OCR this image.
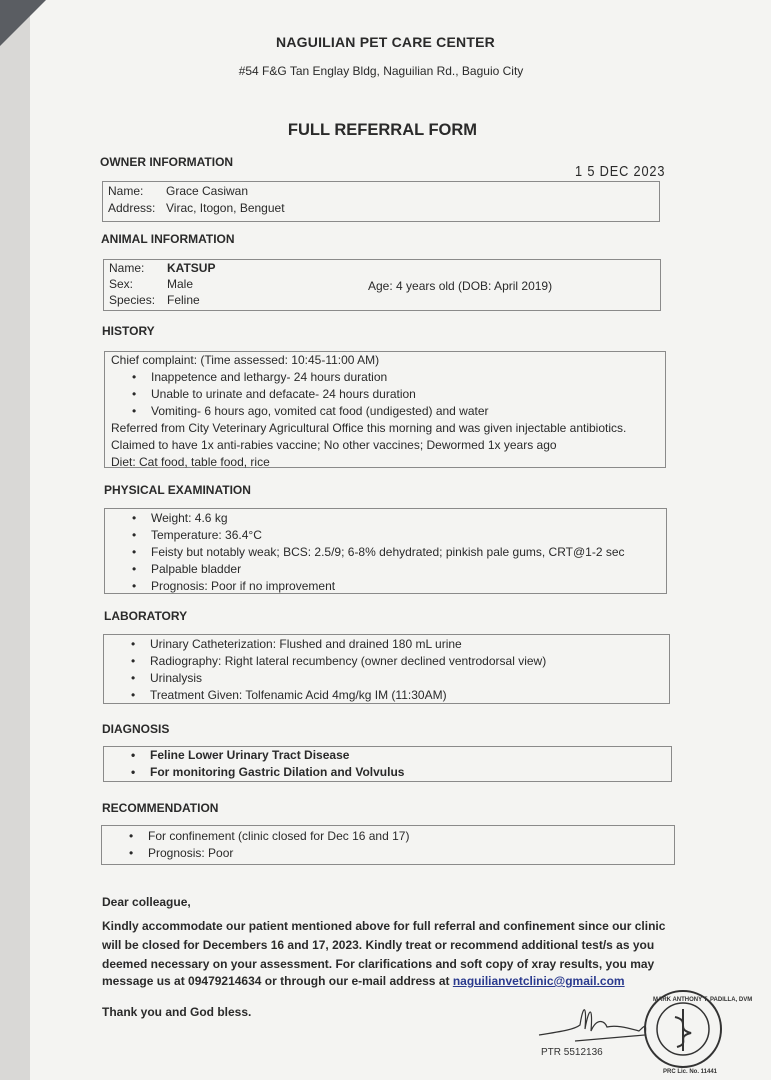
NAGUILIAN PET CARE CENTER
#54 F&G Tan Englay Bldg, Naguilian Rd., Baguio City
FULL REFERRAL FORM
1 5 DEC 2023
OWNER INFORMATION
Name: Grace Casiwan
Address: Virac, Itogon, Benguet
ANIMAL INFORMATION
Name: KATSUP
Sex:	Male
Species: Feline
Age: 4 years old (DOB: April 2019)
HISTORY
Chief complaint: (Time assessed: 10:45-11:00 AM)
• Inappetence and lethargy- 24 hours duration
• Unable to urinate and defacate- 24 hours duration
• Vomiting- 6 hours ago, vomited cat food (undigested) and water
Referred from City Veterinary Agricultural Office this morning and was given injectable antibiotics.
Claimed to have 1x anti-rabies vaccine; No other vaccines; Dewormed 1x years ago
Diet: Cat food, table food, rice
PHYSICAL EXAMINATION
• Weight: 4.6 kg
• Temperature: 36.4°C
• Feisty but notably weak; BCS: 2.5/9; 6-8% dehydrated; pinkish pale gums, CRT@1-2 sec
• Palpable bladder
• Prognosis: Poor if no improvement
LABORATORY
• Urinary Catheterization: Flushed and drained 180 mL urine
• Radiography: Right lateral recumbency (owner declined ventrodorsal view)
• Urinalysis
• Treatment Given: Tolfenamic Acid 4mg/kg IM (11:30AM)
DIAGNOSIS
• Feline Lower Urinary Tract Disease
• For monitoring Gastric Dilation and Volvulus
RECOMMENDATION
• For confinement (clinic closed for Dec 16 and 17)
• Prognosis: Poor
Dear colleague,
Kindly accommodate our patient mentioned above for full referral and confinement since our clinic
will be closed for Decembers 16 and 17, 2023. Kindly treat or recommend additional test/s as you
deemed necessary on your assessment. For clarifications and soft copy of xray results, you may
message us at 09479214634 or through our e-mail address at naguilianvetclinic@gmail.com
Thank you and God bless.
PTR 5512136
MARK ANTHONY T. PADILLA, DVM
PRC Lic. No. 11441
